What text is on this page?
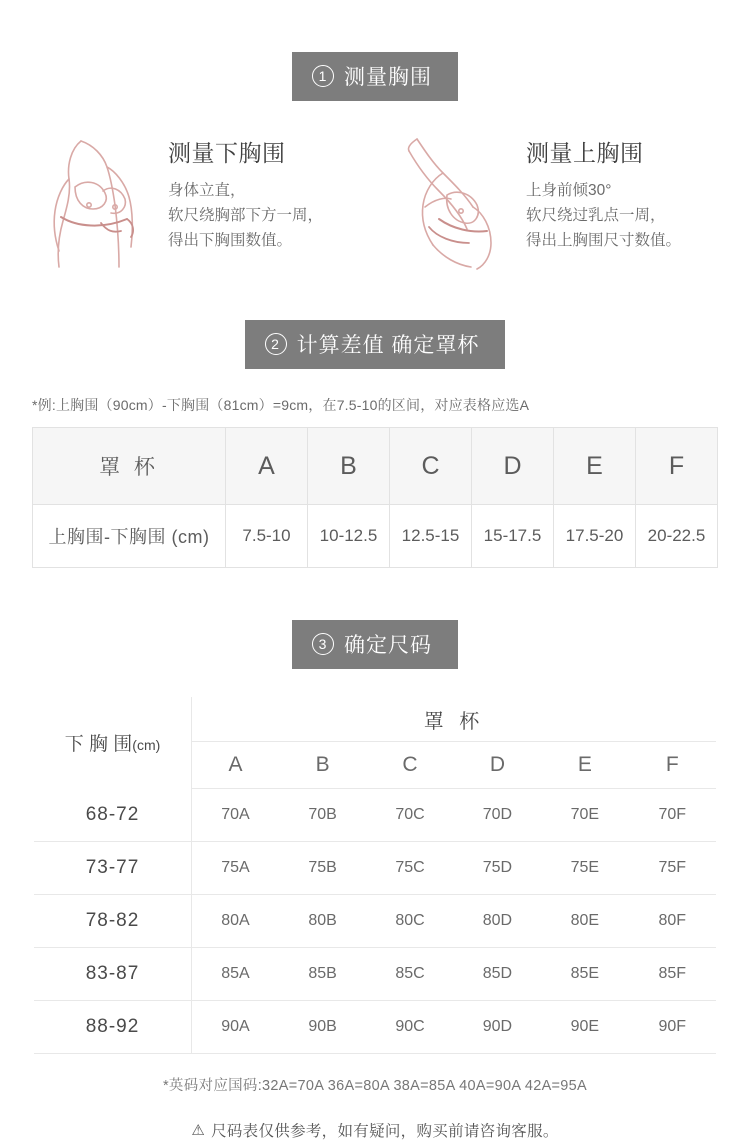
1 测量胸围
测量下胸围
身体立直，
软尺绕胸部下方一周，
得出下胸围数值。
测量上胸围
上身前倾30°
软尺绕过乳点一周，
得出上胸围尺寸数值。
2 计算差值 确定罩杯
*例:上胸围（90cm）-下胸围（81cm）=9cm，在7.5-10的区间，对应表格应选A
罩 杯	A	B	C	D	E	F
上胸围-下胸围 (cm)	7.5-10	10-12.5	12.5-15	15-17.5	17.5-20	20-22.5
3 确定尺码
下 胸 围(cm)	罩 杯					
	A	B	C	D	E	F
68-72	70A	70B	70C	70D	70E	70F
73-77	75A	75B	75C	75D	75E	75F
78-82	80A	80B	80C	80D	80E	80F
83-87	85A	85B	85C	85D	85E	85F
88-92	90A	90B	90C	90D	90E	90F
*英码对应国码:32A=70A 36A=80A 38A=85A 40A=90A 42A=95A
⚠ 尺码表仅供参考，如有疑问，购买前请咨询客服。
